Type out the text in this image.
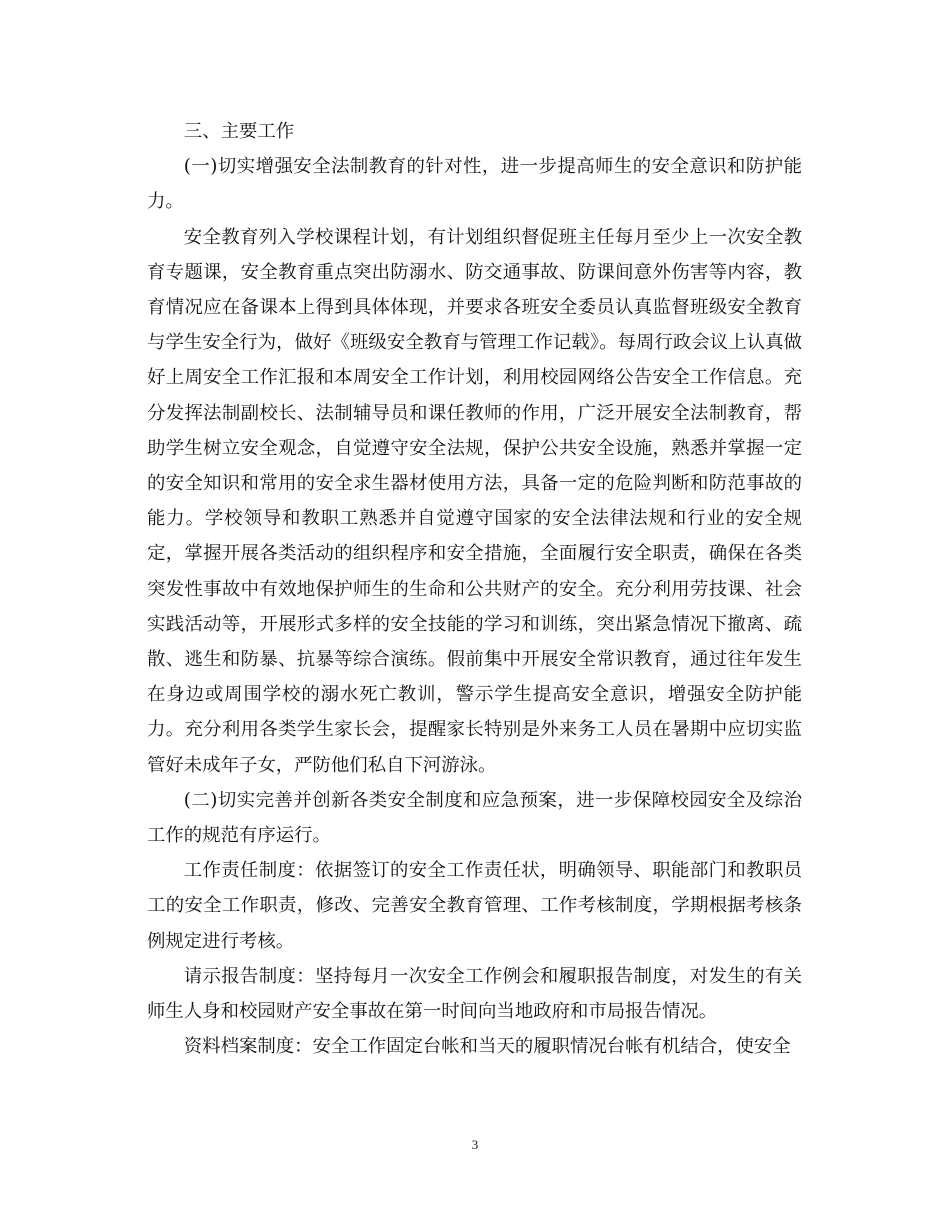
三、主要工作

(一)切实增强安全法制教育的针对性，进一步提高师生的安全意识和防护能力。

安全教育列入学校课程计划，有计划组织督促班主任每月至少上一次安全教育专题课，安全教育重点突出防溺水、防交通事故、防课间意外伤害等内容，教育情况应在备课本上得到具体体现，并要求各班安全委员认真监督班级安全教育与学生安全行为，做好《班级安全教育与管理工作记载》。每周行政会议上认真做好上周安全工作汇报和本周安全工作计划，利用校园网络公告安全工作信息。充分发挥法制副校长、法制辅导员和课任教师的作用，广泛开展安全法制教育，帮助学生树立安全观念，自觉遵守安全法规，保护公共安全设施，熟悉并掌握一定的安全知识和常用的安全求生器材使用方法，具备一定的危险判断和防范事故的能力。学校领导和教职工熟悉并自觉遵守国家的安全法律法规和行业的安全规定，掌握开展各类活动的组织程序和安全措施，全面履行安全职责，确保在各类突发性事故中有效地保护师生的生命和公共财产的安全。充分利用劳技课、社会实践活动等，开展形式多样的安全技能的学习和训练，突出紧急情况下撤离、疏散、逃生和防暴、抗暴等综合演练。假前集中开展安全常识教育，通过往年发生在身边或周围学校的溺水死亡教训，警示学生提高安全意识，增强安全防护能力。充分利用各类学生家长会，提醒家长特别是外来务工人员在暑期中应切实监管好未成年子女，严防他们私自下河游泳。

(二)切实完善并创新各类安全制度和应急预案，进一步保障校园安全及综治工作的规范有序运行。

工作责任制度：依据签订的安全工作责任状，明确领导、职能部门和教职员工的安全工作职责，修改、完善安全教育管理、工作考核制度，学期根据考核条例规定进行考核。

请示报告制度：坚持每月一次安全工作例会和履职报告制度，对发生的有关师生人身和校园财产安全事故在第一时间向当地政府和市局报告情况。

资料档案制度：安全工作固定台帐和当天的履职情况台帐有机结合，使安全

3
